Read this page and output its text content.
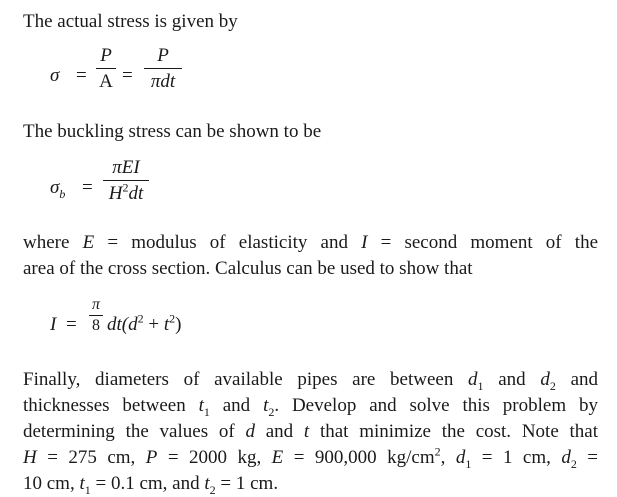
The actual stress is given by
σ =
P
A =
P
πdt
The buckling stress can be shown to be
$\sigma_b$ =
πEI
$H^2dt$
where E = modulus of elasticity and I = second moment of the
area of the cross section. Calculus can be used to show that
I =
π
8 $dt(d^2 + t^2)$
Finally, diameters of available pipes are between $d_1$ and $d_2$ and
thicknesses between $t_1$ and $t_2$. Develop and solve this problem by
determining the values of d and t that minimize the cost. Note that
H = 275 cm, P = 2000 kg, E = 900,000 $kg/cm^2$, $d_1 = 1$ cm, $d_2$ =
10 cm, $t_1 = 0.1$ cm, and $t_2 = 1$ cm.
